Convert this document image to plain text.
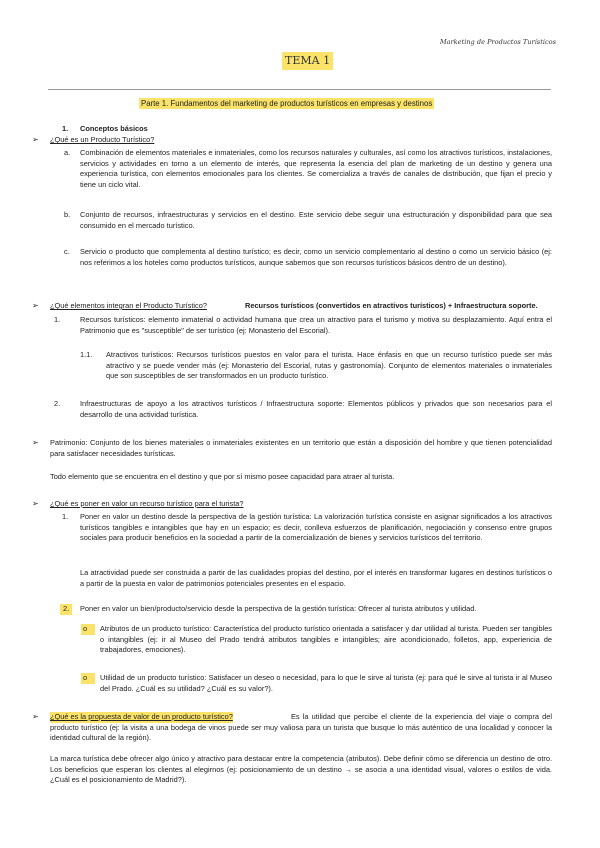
Marketing de Productos Turísticos
TEMA 1
Parte 1. Fundamentos del marketing de productos turísticos en empresas y destinos
1. Conceptos básicos
➢ ¿Qué es un Producto Turístico?
a. Combinación de elementos materiales e inmateriales, como los recursos naturales y culturales, así como los atractivos turísticos, instalaciones, servicios y actividades en torno a un elemento de interés, que representa la esencia del plan de marketing de un destino y genera una experiencia turística, con elementos emocionales para los clientes. Se comercializa a través de canales de distribución, que fijan el precio y tiene un ciclo vital.
b. Conjunto de recursos, infraestructuras y servicios en el destino. Este servicio debe seguir una estructuración y disponibilidad para que sea consumido en el mercado turístico.
c. Servicio o producto que complementa al destino turístico; es decir, como un servicio complementario al destino o como un servicio básico (ej: nos referimos a los hoteles como productos turísticos, aunque sabemos que son recursos turísticos básicos dentro de un destino).
➢ ¿Qué elementos integran el Producto Turístico?	Recursos turísticos (convertidos en atractivos turísticos) + Infraestructura soporte.
1.	Recursos turísticos: elemento inmaterial o actividad humana que crea un atractivo para el turismo y motiva su desplazamiento. Aquí entra el Patrimonio que es "susceptible" de ser turístico (ej: Monasterio del Escorial).
1.1. Atractivos turísticos: Recursos turísticos puestos en valor para el turista. Hace énfasis en que un recurso turístico puede ser más atractivo y se puede vender más (ej: Monasterio del Escorial, rutas y gastronomía). Conjunto de elementos materiales o inmateriales que son susceptibles de ser transformados en un producto turístico.
2.	Infraestructuras de apoyo a los atractivos turísticos / Infraestructura soporte: Elementos públicos y privados que son necesarios para el desarrollo de una actividad turística.
➢ Patrimonio: Conjunto de los bienes materiales o inmateriales existentes en un territorio que están a disposición del hombre y que tienen potencialidad para satisfacer necesidades turísticas.
Todo elemento que se encuentra en el destino y que por sí mismo posee capacidad para atraer al turista.
➢ ¿Qué es poner en valor un recurso turístico para el turista?
1. Poner en valor un destino desde la perspectiva de la gestión turística: La valorización turística consiste en asignar significados a los atractivos turísticos tangibles e intangibles que hay en un espacio; es decir, conlleva esfuerzos de planificación, negociación y consenso entre grupos sociales para producir beneficios en la sociedad a partir de la comercialización de bienes y servicios turísticos del territorio.
La atractividad puede ser construida a partir de las cualidades propias del destino, por el interés en transformar lugares en destinos turísticos o a partir de la puesta en valor de patrimonios potenciales presentes en el espacio.
2.	Poner en valor un bien/producto/servicio desde la perspectiva de la gestión turística: Ofrecer al turista atributos y utilidad.
o	Atributos de un producto turístico: Característica del producto turístico orientada a satisfacer y dar utilidad al turista. Pueden ser tangibles o intangibles (ej: ir al Museo del Prado tendrá atributos tangibles e intangibles; aire acondicionado, folletos, app, experiencia de trabajadores, emociones).
o	Utilidad de un producto turístico: Satisfacer un deseo o necesidad, para lo que le sirve al turista (ej: para qué le sirve al turista ir al Museo del Prado. ¿Cuál es su utilidad? ¿Cuál es su valor?).
➢ ¿Qué es la propuesta de valor de un producto turístico?	Es la utilidad que percibe el cliente de la experiencia del viaje o compra del producto turístico (ej: la visita a una bodega de vinos puede ser muy valiosa para un turista que busque lo más auténtico de una localidad y conocer la identidad cultural de la región).
La marca turística debe ofrecer algo único y atractivo para destacar entre la competencia (atributos). Debe definir cómo se diferencia un destino de otro. Los beneficios que esperan los clientes al elegirnos (ej: posicionamiento de un destino → se asocia a una identidad visual, valores o estilos de vida. ¿Cuál es el posicionamiento de Madrid?).
